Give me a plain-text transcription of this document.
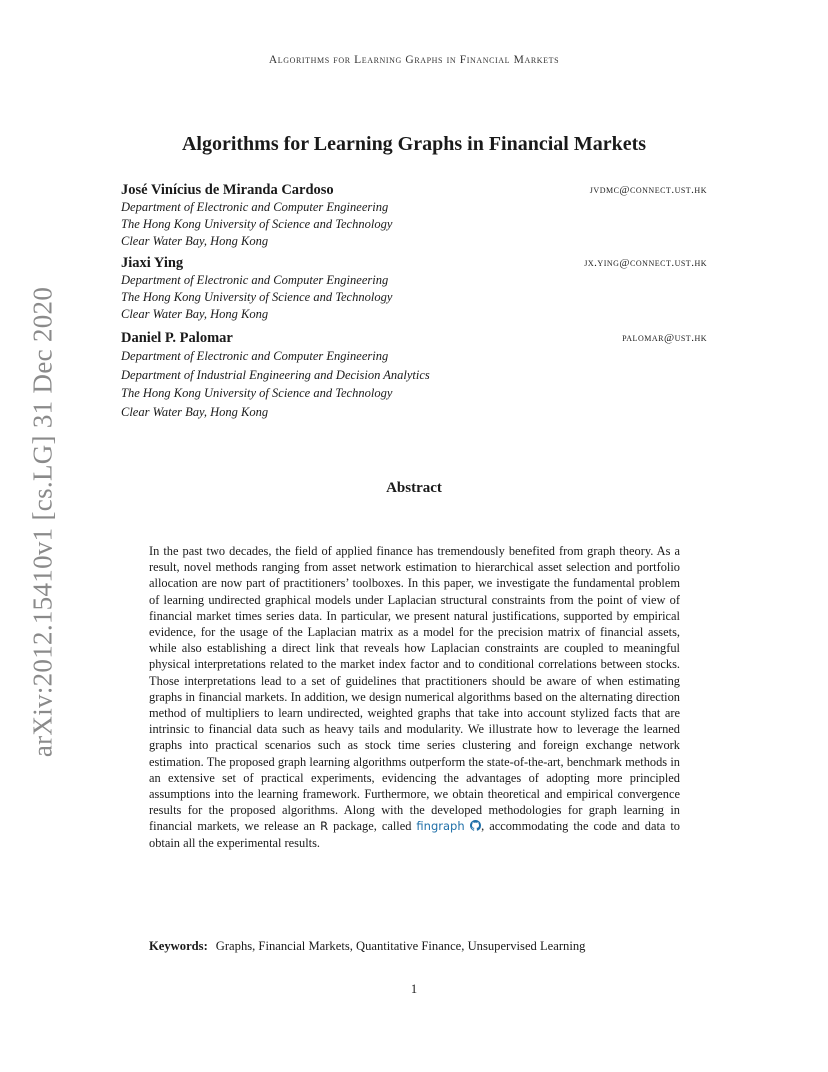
Algorithms for Learning Graphs in Financial Markets
arXiv:2012.15410v1 [cs.LG] 31 Dec 2020
Algorithms for Learning Graphs in Financial Markets
José Vinícius de Miranda Cardoso	jvdmc@connect.ust.hk
Department of Electronic and Computer Engineering
The Hong Kong University of Science and Technology
Clear Water Bay, Hong Kong
Jiaxi Ying	jx.ying@connect.ust.hk
Department of Electronic and Computer Engineering
The Hong Kong University of Science and Technology
Clear Water Bay, Hong Kong
Daniel P. Palomar	palomar@ust.hk
Department of Electronic and Computer Engineering
Department of Industrial Engineering and Decision Analytics
The Hong Kong University of Science and Technology
Clear Water Bay, Hong Kong
Abstract
In the past two decades, the field of applied finance has tremendously benefited from graph theory. As a result, novel methods ranging from asset network estimation to hierarchical asset selection and portfolio allocation are now part of practitioners’ toolboxes. In this paper, we investigate the fundamental problem of learning undirected graphical models under Laplacian structural constraints from the point of view of financial market times series data. In particular, we present natural justifications, supported by empirical evidence, for the usage of the Laplacian matrix as a model for the precision matrix of financial assets, while also establishing a direct link that reveals how Laplacian constraints are coupled to meaningful physical interpretations related to the market index factor and to conditional correlations between stocks. Those interpretations lead to a set of guidelines that practitioners should be aware of when estimating graphs in financial markets. In addition, we design numerical algorithms based on the alternating direction method of multipliers to learn undirected, weighted graphs that take into account stylized facts that are intrinsic to financial data such as heavy tails and modularity. We illustrate how to leverage the learned graphs into practical scenarios such as stock time series clustering and foreign exchange network estimation. The proposed graph learning algorithms outperform the state-of-the-art, benchmark methods in an extensive set of practical experiments, evidencing the advantages of adopting more principled assumptions into the learning framework. Furthermore, we obtain theoretical and empirical convergence results for the proposed algorithms. Along with the developed methodologies for graph learning in financial markets, we release an R package, called fingraph , accommodating the code and data to obtain all the experimental results.
Keywords: Graphs, Financial Markets, Quantitative Finance, Unsupervised Learning
1
